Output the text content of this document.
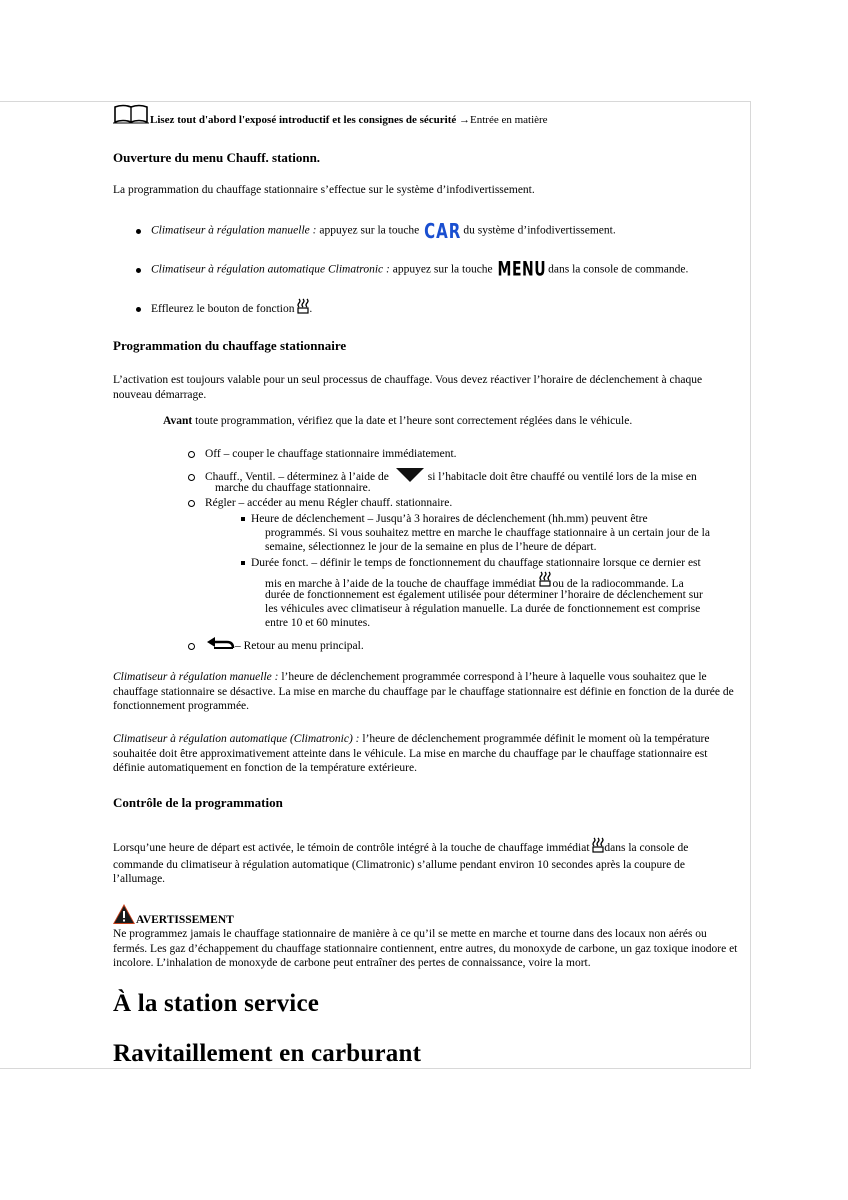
Lisez tout d'abord l'exposé introductif et les consignes de sécurité →Entrée en matière
Ouverture du menu Chauff. stationn.

La programmation du chauffage stationnaire s’effectue sur le système d’infodivertissement.

Climatiseur à régulation manuelle : appuyez sur la touche CAR du système d’infodivertissement.
Climatiseur à régulation automatique Climatronic : appuyez sur la touche MENU dans la console de commande.
Effleurez le bouton de fonction .
Programmation du chauffage stationnaire

L’activation est toujours valable pour un seul processus de chauffage. Vous devez réactiver l’horaire de déclenchement à chaque nouveau démarrage.

Avant toute programmation, vérifiez que la date et l’heure sont correctement réglées dans le véhicule.

Off – couper le chauffage stationnaire immédiatement.
Chauff., Ventil. – déterminez à l’aide de	si l’habitacle doit être chauffé ou ventilé lors de la mise en
marche du chauffage stationnaire.
Régler – accéder au menu Régler chauff. stationnaire.
Heure de déclenchement – Jusqu’à 3 horaires de déclenchement (hh.mm) peuvent être
programmés. Si vous souhaitez mettre en marche le chauffage stationnaire à un certain jour de la
semaine, sélectionnez le jour de la semaine en plus de l’heure de départ.
Durée fonct. – définir le temps de fonctionnement du chauffage stationnaire lorsque ce dernier est
mis en marche à l’aide de la touche de chauffage immédiat ou de la radiocommande. La
durée de fonctionnement est également utilisée pour déterminer l’horaire de déclenchement sur
les véhicules avec climatiseur à régulation manuelle. La durée de fonctionnement est comprise
entre 10 et 60 minutes.
– Retour au menu principal.

Climatiseur à régulation manuelle : l’heure de déclenchement programmée correspond à l’heure à laquelle vous souhaitez que le chauffage stationnaire se désactive. La mise en marche du chauffage par le chauffage stationnaire est définie en fonction de la durée de fonctionnement programmée.

Climatiseur à régulation automatique (Climatronic) : l’heure de déclenchement programmée définit le moment où la température souhaitée doit être approximativement atteinte dans le véhicule. La mise en marche du chauffage par le chauffage stationnaire est définie automatiquement en fonction de la température extérieure.

Contrôle de la programmation

Lorsqu’une heure de départ est activée, le témoin de contrôle intégré à la touche de chauffage immédiat dans la console de commande du climatiseur à régulation automatique (Climatronic) s’allume pendant environ 10 secondes après la coupure de l’allumage.

AVERTISSEMENT

Ne programmez jamais le chauffage stationnaire de manière à ce qu’il se mette en marche et tourne dans des locaux non aérés ou fermés. Les gaz d’échappement du chauffage stationnaire contiennent, entre autres, du monoxyde de carbone, un gaz toxique inodore et incolore. L’inhalation de monoxyde de carbone peut entraîner des pertes de connaissance, voire la mort.

À la station service
Ravitaillement en carburant
